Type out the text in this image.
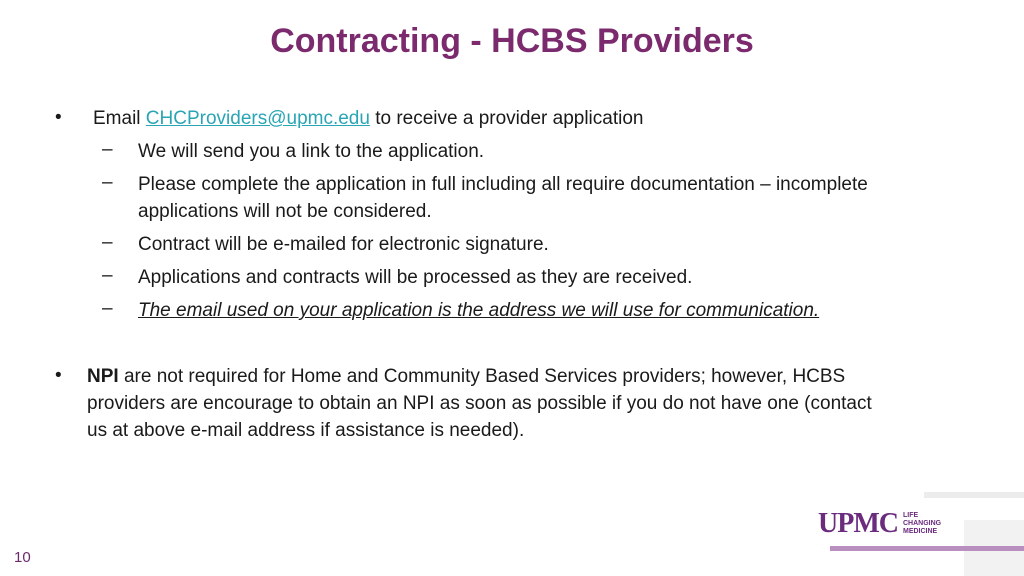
Contracting - HCBS Providers
• Email CHCProviders@upmc.edu to receive a provider application
– We will send you a link to the application.
– Please complete the application in full including all require documentation – incomplete
applications will not be considered.
– Contract will be e-mailed for electronic signature.
– Applications and contracts will be processed as they are received.
– The email used on your application is the address we will use for communication.
• NPI are not required for Home and Community Based Services providers; however, HCBS
providers are encourage to obtain an NPI as soon as possible if you do not have one (contact
us at above e-mail address if assistance is needed).
UPMC LIFE
CHANGING
MEDICINE
10
